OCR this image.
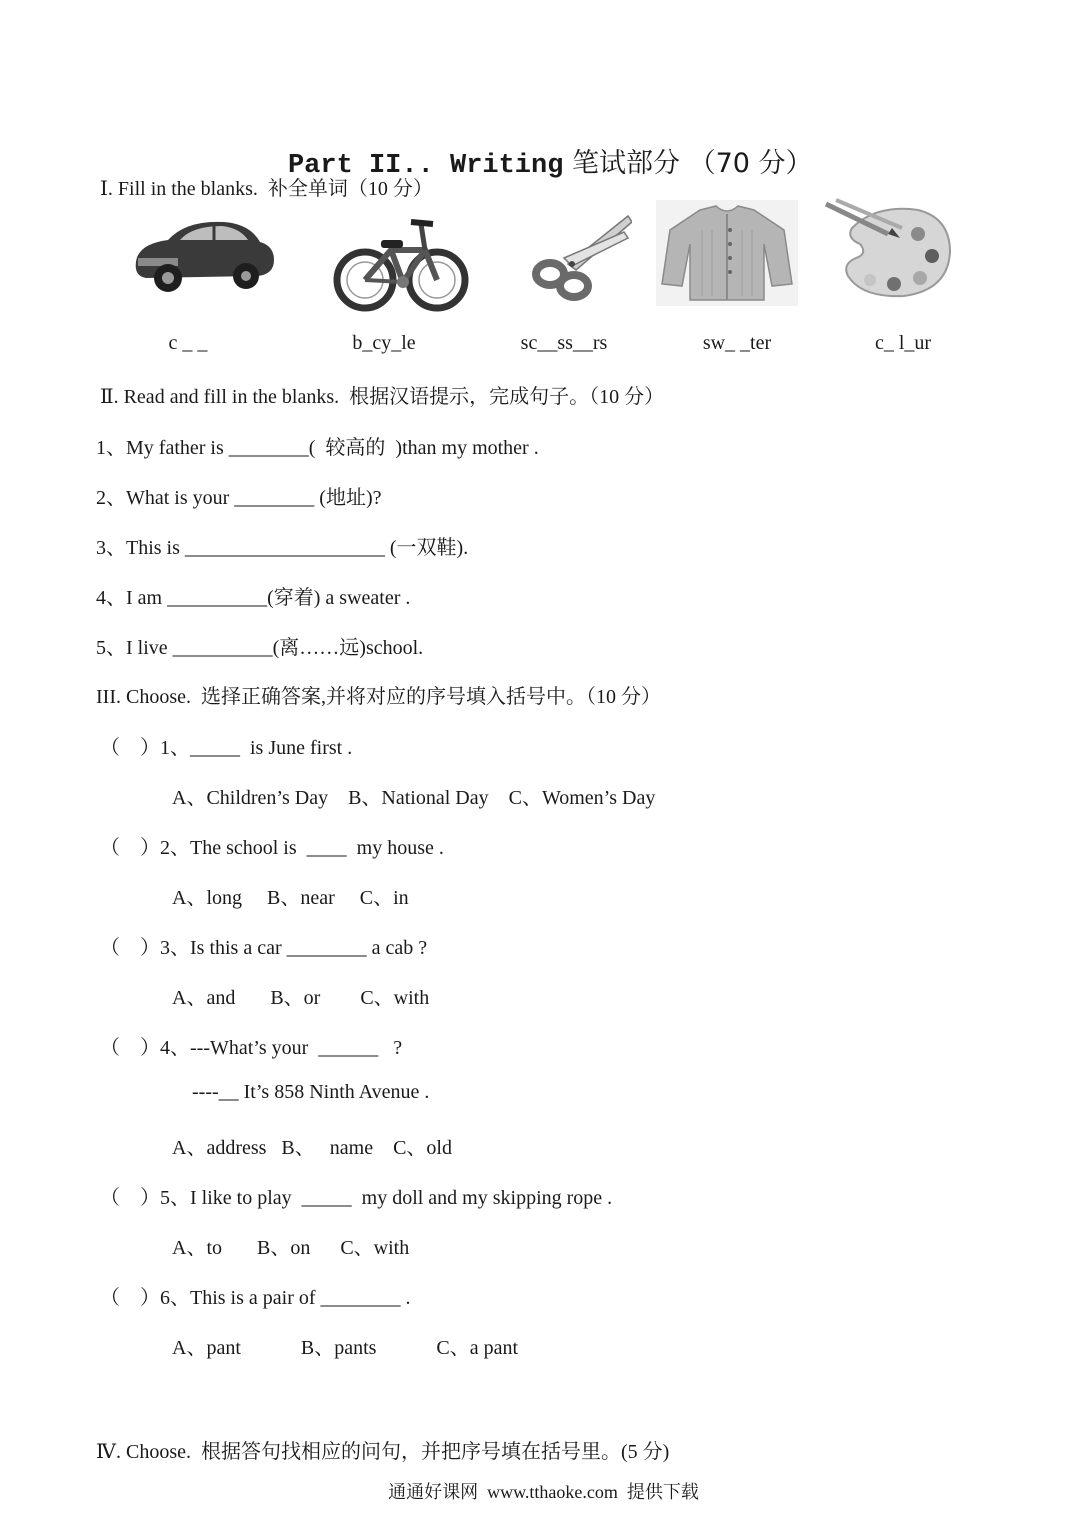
Part II.. Writing 笔试部分 （70 分）

Ⅰ. Fill in the blanks.  补全单词（10 分）
c _ _	b_cy_le	sc__ss__rs	sw_ _ter	c_ l_ur
Ⅱ. Read and fill in the blanks.  根据汉语提示，完成句子。（10 分）
1、My father is ________(  较高的  )than my mother .
2、What is your ________ (地址)?
3、This is ____________________ (一双鞋).
4、I am __________(穿着) a sweater .
5、I live __________(离……远)school.
III. Choose.  选择正确答案,并将对应的序号填入括号中。（10 分）
（    ）1、_____  is June first .
A、Children’s Day    B、National Day    C、Women’s Day
（    ）2、The school is  ____  my house .
A、long     B、near     C、in
（    ）3、Is this a car ________ a cab ?
A、and       B、or        C、with
（    ）4、---What’s your  ______   ?
----__ It’s 858 Ninth Avenue .
A、address   B、   name    C、old
（    ）5、I like to play  _____  my doll and my skipping rope .
A、to       B、on      C、with
（    ）6、This is a pair of ________ .
A、pant            B、pants            C、a pant
Ⅳ. Choose.  根据答句找相应的问句，并把序号填在括号里。(5 分)
通通好课网  www.tthaoke.com  提供下载
